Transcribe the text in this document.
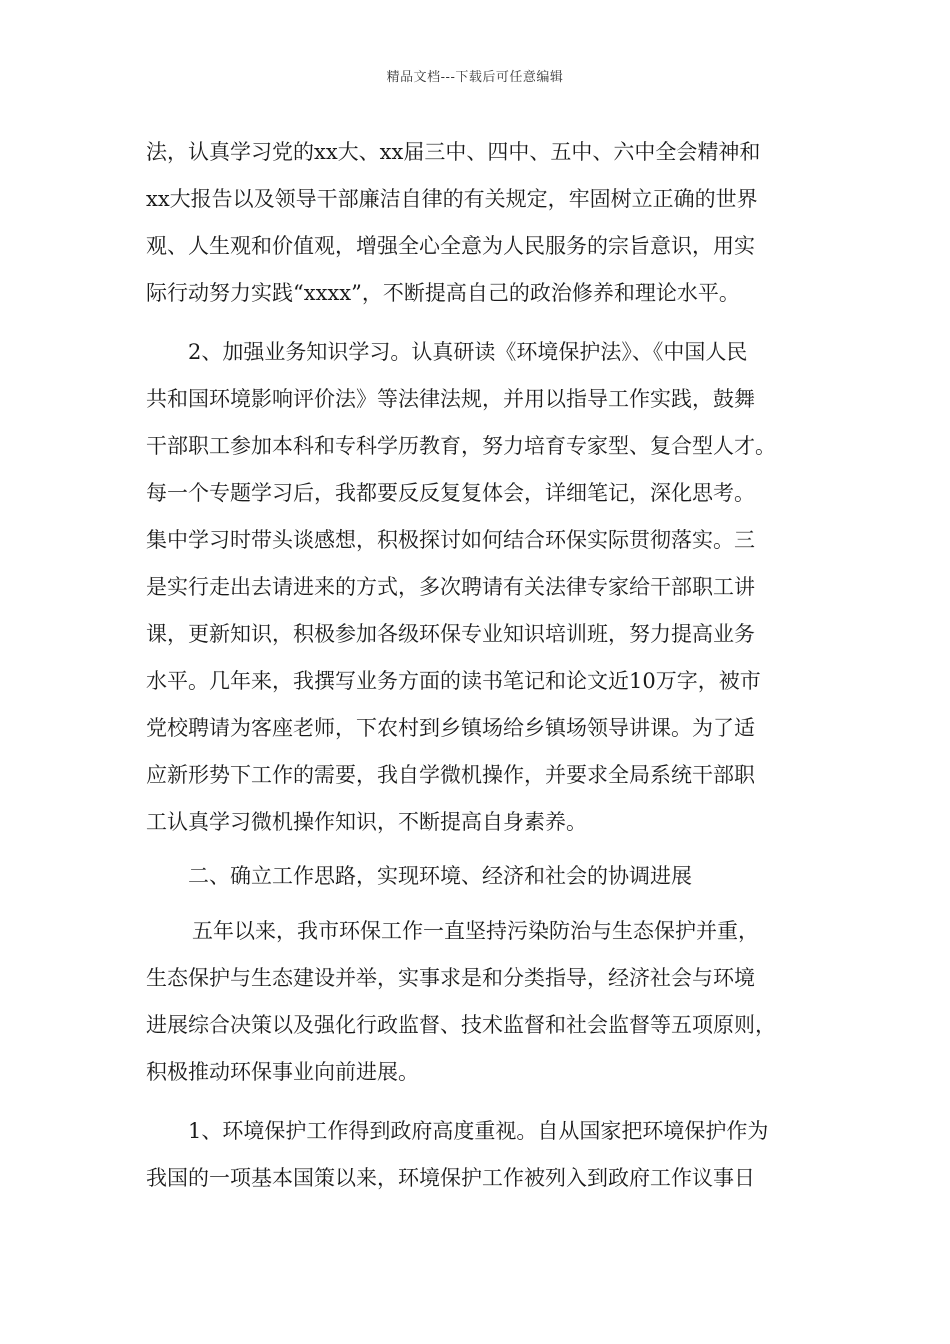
精品文档---下载后可任意编辑
法，认真学习党的xx大、xx届三中、四中、五中、六中全会精神和
xx大报告以及领导干部廉洁自律的有关规定，牢固树立正确的世界
观、人生观和价值观，增强全心全意为人民服务的宗旨意识，用实
际行动努力实践“xxxx”，不断提高自己的政治修养和理论水平。
2、加强业务知识学习。认真研读《环境保护法》、《中国人民
共和国环境影响评价法》等法律法规，并用以指导工作实践，鼓舞
干部职工参加本科和专科学历教育，努力培育专家型、复合型人才。
每一个专题学习后，我都要反反复复体会，详细笔记，深化思考。
集中学习时带头谈感想，积极探讨如何结合环保实际贯彻落实。三
是实行走出去请进来的方式，多次聘请有关法律专家给干部职工讲
课，更新知识，积极参加各级环保专业知识培训班，努力提高业务
水平。几年来，我撰写业务方面的读书笔记和论文近10万字，被市
党校聘请为客座老师，下农村到乡镇场给乡镇场领导讲课。为了适
应新形势下工作的需要，我自学微机操作，并要求全局系统干部职
工认真学习微机操作知识，不断提高自身素养。
二、确立工作思路，实现环境、经济和社会的协调进展
五年以来，我市环保工作一直坚持污染防治与生态保护并重，
生态保护与生态建设并举，实事求是和分类指导，经济社会与环境
进展综合决策以及强化行政监督、技术监督和社会监督等五项原则，
积极推动环保事业向前进展。
1、环境保护工作得到政府高度重视。自从国家把环境保护作为
我国的一项基本国策以来，环境保护工作被列入到政府工作议事日
